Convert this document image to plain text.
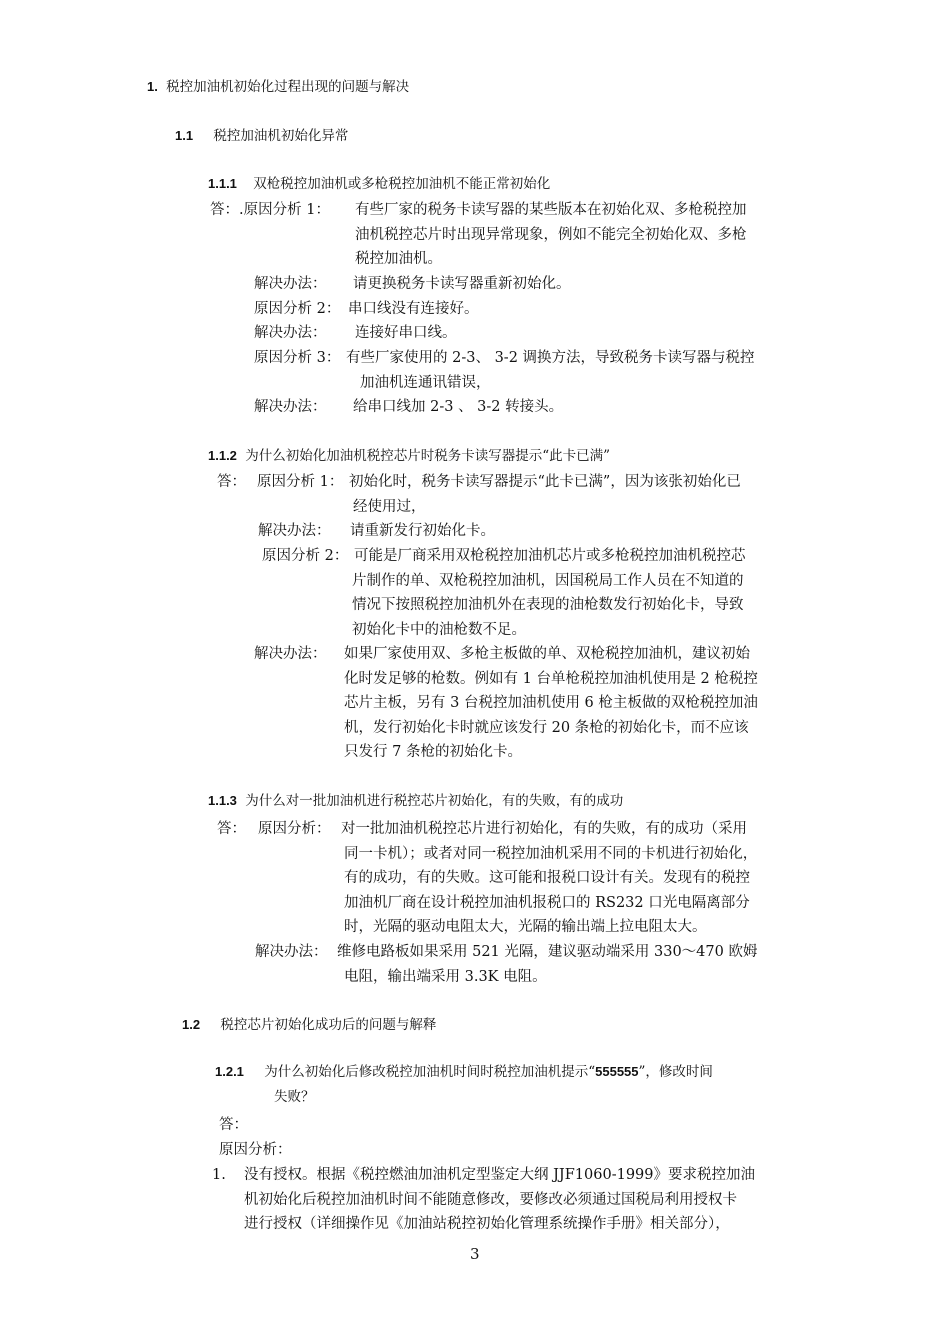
1. 税控加油机初始化过程出现的问题与解决
1.1 税控加油机初始化异常
1.1.1 双枪税控加油机或多枪税控加油机不能正常初始化
答：.原因分析 1： 有些厂家的税务卡读写器的某些版本在初始化双、多枪税控加
油机税控芯片时出现异常现象，例如不能完全初始化双、多枪
税控加油机。
解决办法： 请更换税务卡读写器重新初始化。
原因分析 2： 串口线没有连接好。
解决办法： 连接好串口线。
原因分析 3： 有些厂家使用的 2-3、 3-2 调换方法，导致税务卡读写器与税控
加油机连通讯错误，
解决办法： 给串口线加 2-3 、 3-2 转接头。
1.1.2 为什么初始化加油机税控芯片时税务卡读写器提示“此卡已满”
答： 原因分析 1： 初始化时，税务卡读写器提示“此卡已满”，因为该张初始化已
经使用过，
解决办法： 请重新发行初始化卡。
原因分析 2： 可能是厂商采用双枪税控加油机芯片或多枪税控加油机税控芯
片制作的单、双枪税控加油机，因国税局工作人员在不知道的
情况下按照税控加油机外在表现的油枪数发行初始化卡，导致
初始化卡中的油枪数不足。
解决办法： 如果厂家使用双、多枪主板做的单、双枪税控加油机，建议初始
化时发足够的枪数。例如有 1 台单枪税控加油机使用是 2 枪税控
芯片主板，另有 3 台税控加油机使用 6 枪主板做的双枪税控加油
机，发行初始化卡时就应该发行 20 条枪的初始化卡，而不应该
只发行 7 条枪的初始化卡。
1.1.3 为什么对一批加油机进行税控芯片初始化，有的失败，有的成功
答： 原因分析： 对一批加油机税控芯片进行初始化，有的失败，有的成功（采用
同一卡机）；或者对同一税控加油机采用不同的卡机进行初始化，
有的成功，有的失败。这可能和报税口设计有关。发现有的税控
加油机厂商在设计税控加油机报税口的 RS232 口光电隔离部分
时，光隔的驱动电阻太大，光隔的输出端上拉电阻太大。
解决办法： 维修电路板如果采用 521 光隔，建议驱动端采用 330～470 欧姆
电阻，输出端采用 3.3K 电阻。
1.2 税控芯片初始化成功后的问题与解释
1.2.1 为什么初始化后修改税控加油机时间时税控加油机提示“555555”，修改时间
失败？
答：
原因分析：
1. 没有授权。根据《税控燃油加油机定型鉴定大纲 JJF1060-1999》要求税控加油
机初始化后税控加油机时间不能随意修改，要修改必须通过国税局利用授权卡
进行授权（详细操作见《加油站税控初始化管理系统操作手册》相关部分），
3
